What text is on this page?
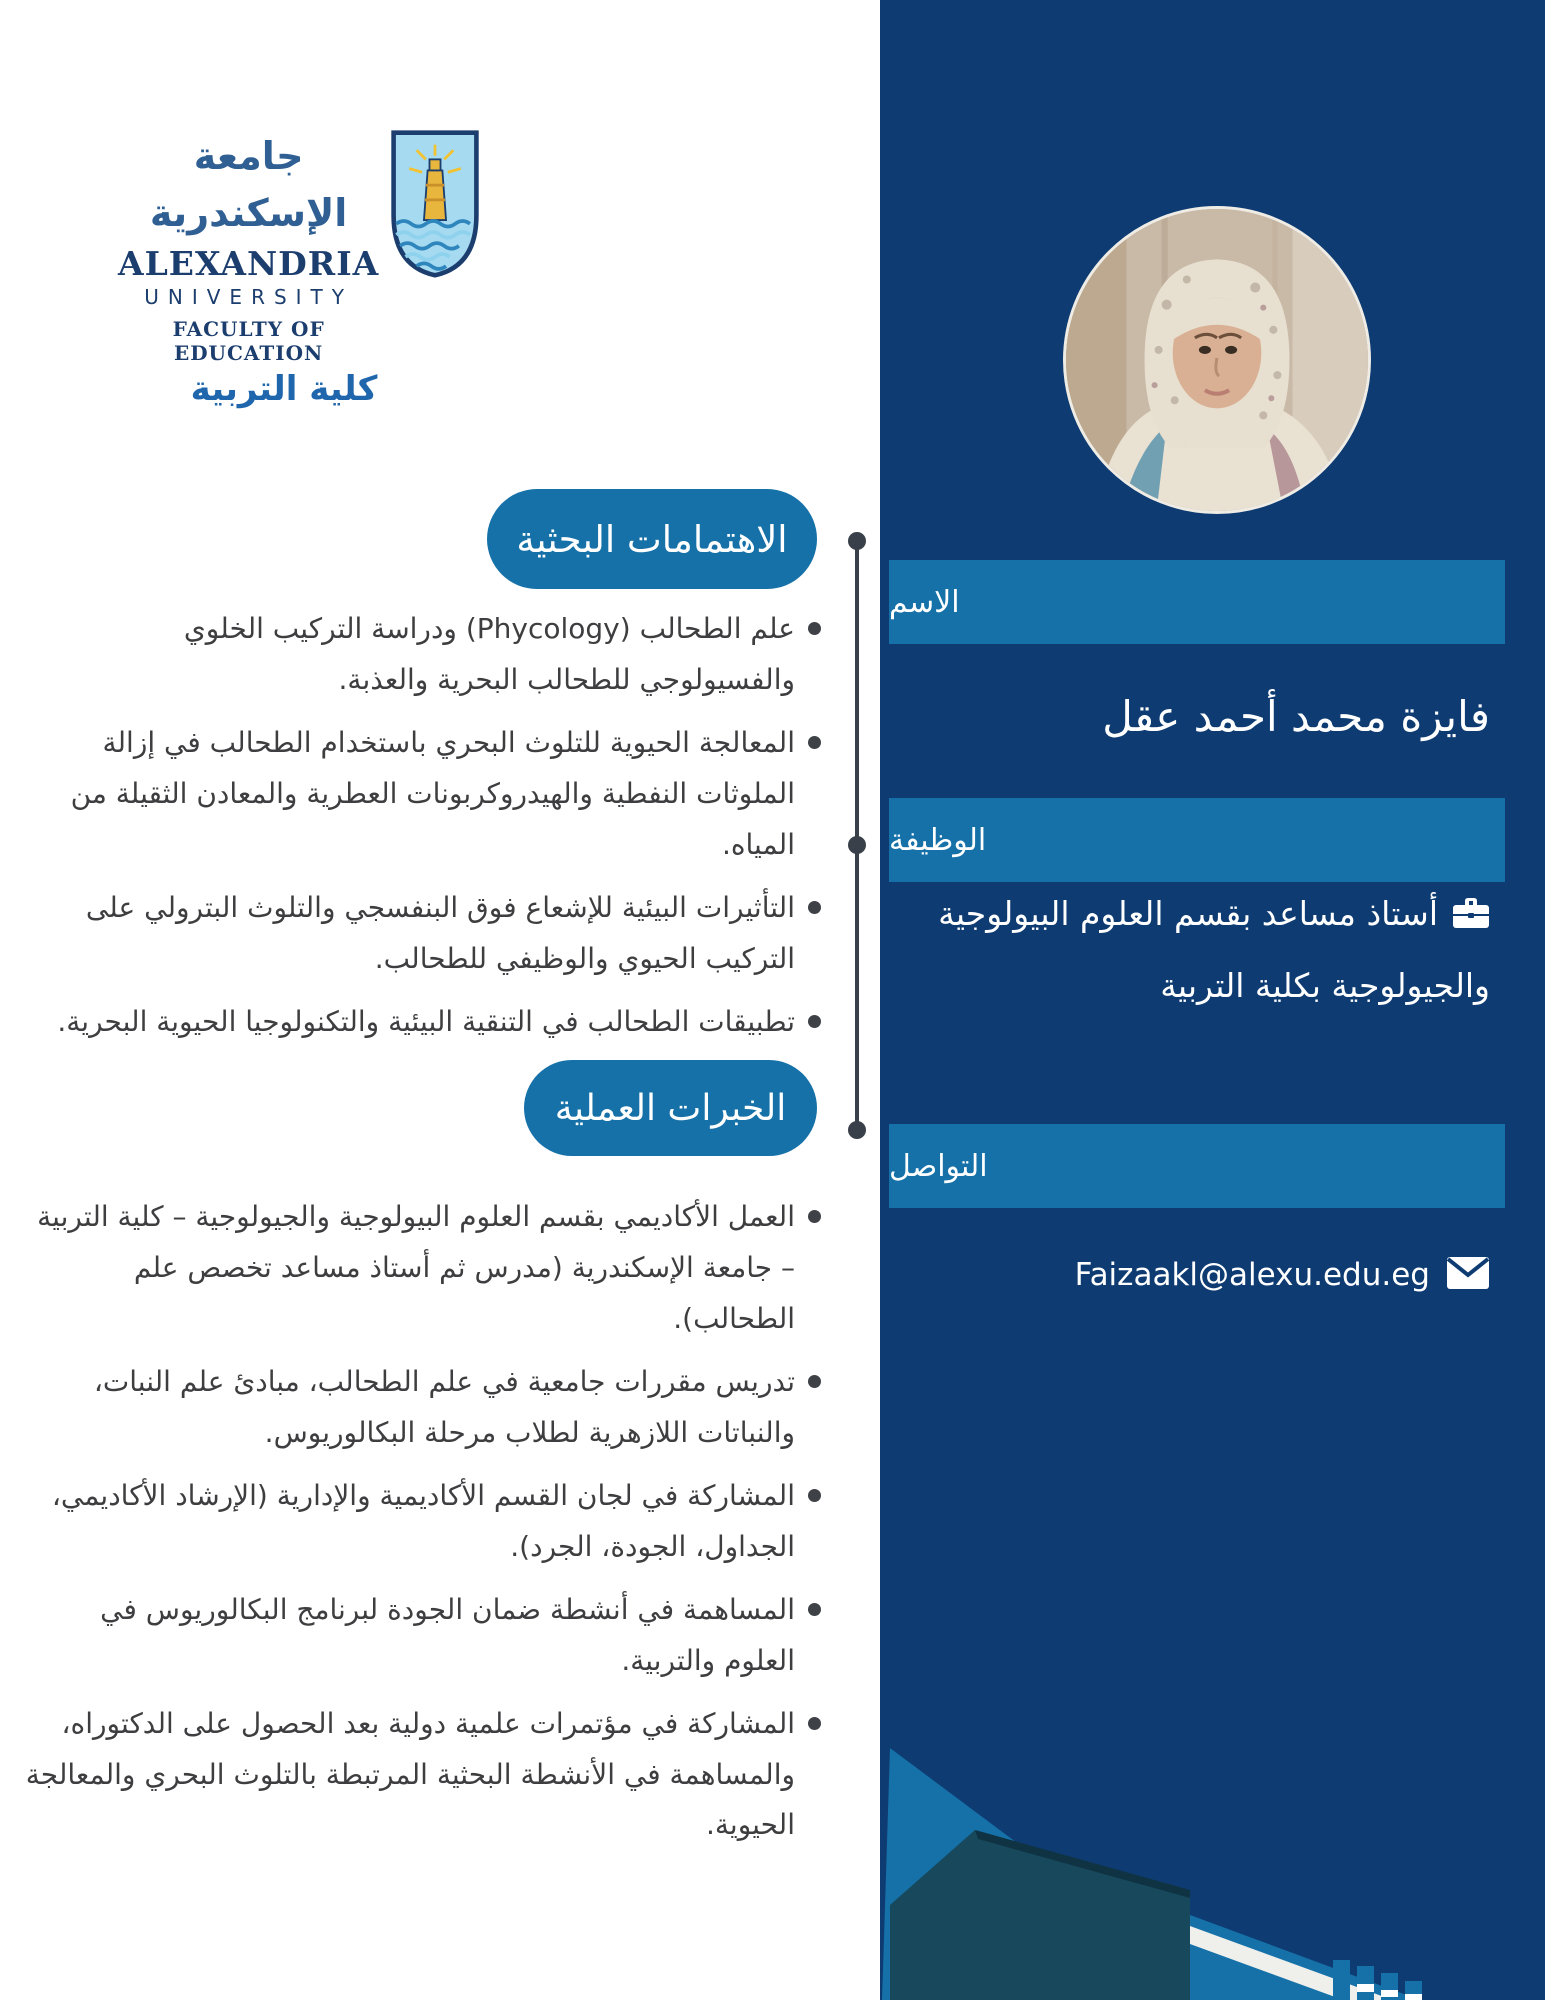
الاسم
فايزة محمد أحمد عقل
الوظيفة
أستاذ مساعد بقسم العلوم البيولوجية والجيولوجية بكلية التربية
التواصل
Faizaakl@alexu.edu.eg
جامعة الإسكندرية
ALEXANDRIA
UNIVERSITY
FACULTY OF EDUCATION
كلية التربية
الاهتمامات البحثية
علم الطحالب (Phycology) ودراسة التركيب الخلوي والفسيولوجي للطحالب البحرية والعذبة.
المعالجة الحيوية للتلوث البحري باستخدام الطحالب في إزالة الملوثات النفطية والهيدروكربونات العطرية والمعادن الثقيلة من المياه.
التأثيرات البيئية للإشعاع فوق البنفسجي والتلوث البترولي على التركيب الحيوي والوظيفي للطحالب.
تطبيقات الطحالب في التنقية البيئية والتكنولوجيا الحيوية البحرية.
الخبرات العملية
العمل الأكاديمي بقسم العلوم البيولوجية والجيولوجية – كلية التربية – جامعة الإسكندرية (مدرس ثم أستاذ مساعد تخصص علم الطحالب).
تدريس مقررات جامعية في علم الطحالب، مبادئ علم النبات، والنباتات اللازهرية لطلاب مرحلة البكالوريوس.
المشاركة في لجان القسم الأكاديمية والإدارية (الإرشاد الأكاديمي، الجداول، الجودة، الجرد).
المساهمة في أنشطة ضمان الجودة لبرنامج البكالوريوس في العلوم والتربية.
المشاركة في مؤتمرات علمية دولية بعد الحصول على الدكتوراه، والمساهمة في الأنشطة البحثية المرتبطة بالتلوث البحري والمعالجة الحيوية.
